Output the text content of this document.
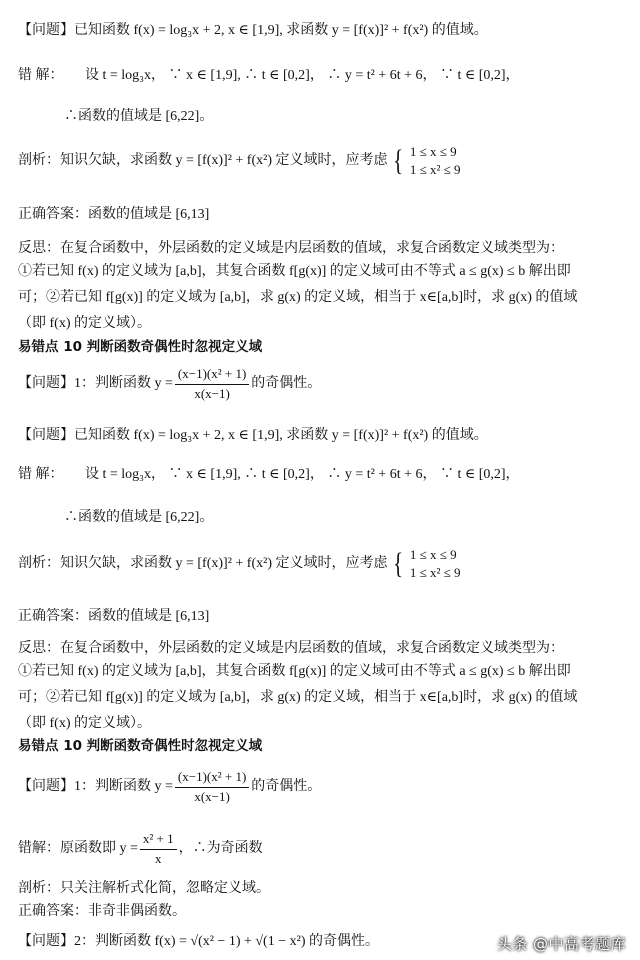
【问题】已知函数 f(x) = log₃x + 2, x ∈ [1,9], 求函数 y = [f(x)]² + f(x²) 的值域。
错 解： 设 t = log₃x， ∵ x ∈ [1,9], ∴ t ∈ [0,2]， ∴ y = t² + 6t + 6， ∵ t ∈ [0,2]，
∴函数的值域是 [6,22]。
剖析：知识欠缺，求函数 y = [f(x)]² + f(x²) 定义域时，应考虑 { 1 ≤ x ≤ 9
1 ≤ x² ≤ 9
正确答案：函数的值域是 [6,13]
反思：在复合函数中，外层函数的定义域是内层函数的值域，求复合函数定义域类型为：
①若已知 f(x) 的定义域为 [a,b]，其复合函数 f[g(x)] 的定义域可由不等式 a ≤ g(x) ≤ b 解出即
可；②若已知 f[g(x)] 的定义域为 [a,b]，求 g(x) 的定义域，相当于 x∈[a,b]时，求 g(x) 的值域
（即 f(x) 的定义域）。
易错点 10 判断函数奇偶性时忽视定义域
【问题】1：判断函数 $y = \frac{\text{(x−1)(x² + 1)}}{x(x-1)}$ 的奇偶性。
【问题】已知函数 f(x) = log₃x + 2, x ∈ [1,9], 求函数 y = [f(x)]² + f(x²) 的值域。
错 解： 设 t = log₃x， ∵ x ∈ [1,9], ∴ t ∈ [0,2]， ∴ y = t² + 6t + 6， ∵ t ∈ [0,2]，
∴函数的值域是 [6,22]。
剖析：知识欠缺，求函数 y = [f(x)]² + f(x²) 定义域时，应考虑 { 1 ≤ x ≤ 9
1 ≤ x² ≤ 9
正确答案：函数的值域是 [6,13]
反思：在复合函数中，外层函数的定义域是内层函数的值域，求复合函数定义域类型为：
①若已知 f(x) 的定义域为 [a,b]，其复合函数 f[g(x)] 的定义域可由不等式 a ≤ g(x) ≤ b 解出即
可；②若已知 f[g(x)] 的定义域为 [a,b]，求 g(x) 的定义域，相当于 x∈[a,b]时，求 g(x) 的值域
（即 f(x) 的定义域）。
易错点 10 判断函数奇偶性时忽视定义域
【问题】1：判断函数 $y = \frac{\text{(x−1)(x² + 1)}}{x(x-1)}$ 的奇偶性。
错解：原函数即 $y = \frac{\text{x² + 1}}{x}$ ，∴为奇函数
剖析：只关注解析式化简，忽略定义域。
正确答案：非奇非偶函数。
【问题】2：判断函数 f(x) = √(x² − 1) + √(1 − x²) 的奇偶性。	头条 @中高考题库
